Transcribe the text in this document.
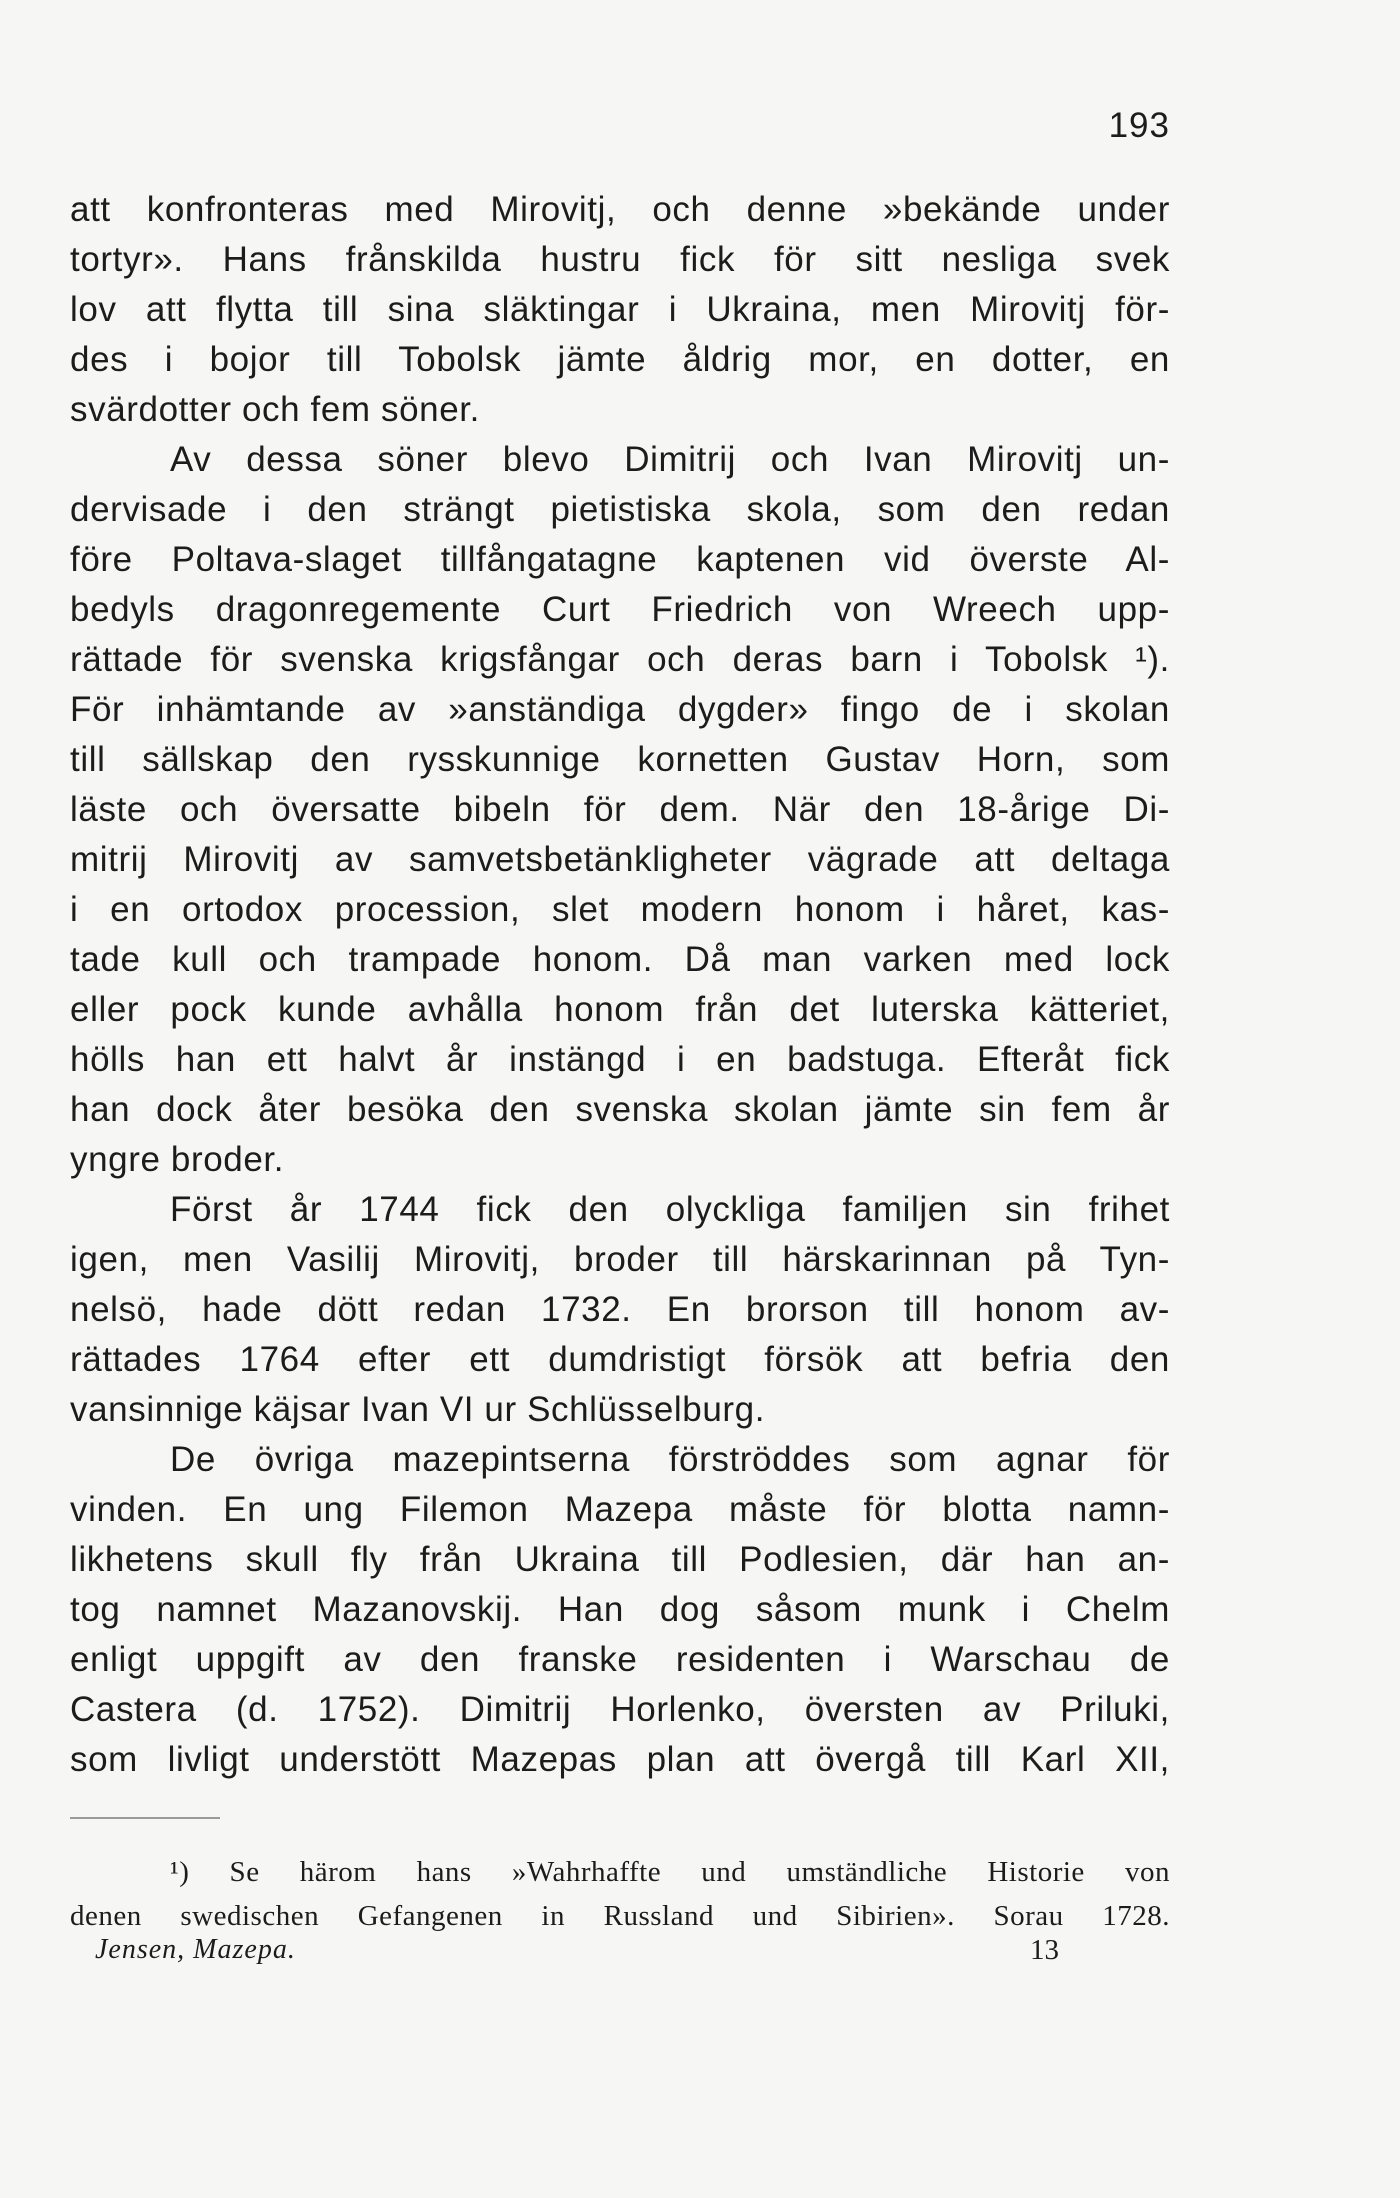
193
att konfronteras med Mirovitj, och denne »bekände under
tortyr». Hans frånskilda hustru fick för sitt nesliga svek
lov att flytta till sina släktingar i Ukraina, men Mirovitj för-
des i bojor till Tobolsk jämte åldrig mor, en dotter, en
svärdotter och fem söner.
Av dessa söner blevo Dimitrij och Ivan Mirovitj un-
dervisade i den strängt pietistiska skola, som den redan
före Poltava-slaget tillfångatagne kaptenen vid överste Al-
bedyls dragonregemente Curt Friedrich von Wreech upp-
rättade för svenska krigsfångar och deras barn i Tobolsk ¹).
För inhämtande av »anständiga dygder» fingo de i skolan
till sällskap den rysskunnige kornetten Gustav Horn, som
läste och översatte bibeln för dem. När den 18-årige Di-
mitrij Mirovitj av samvetsbetänkligheter vägrade att deltaga
i en ortodox procession, slet modern honom i håret, kas-
tade kull och trampade honom. Då man varken med lock
eller pock kunde avhålla honom från det luterska kätteriet,
hölls han ett halvt år instängd i en badstuga. Efteråt fick
han dock åter besöka den svenska skolan jämte sin fem år
yngre broder.
Först år 1744 fick den olyckliga familjen sin frihet
igen, men Vasilij Mirovitj, broder till härskarinnan på Tyn-
nelsö, hade dött redan 1732. En brorson till honom av-
rättades 1764 efter ett dumdristigt försök att befria den
vansinnige käjsar Ivan VI ur Schlüsselburg.
De övriga mazepintserna förströddes som agnar för
vinden. En ung Filemon Mazepa måste för blotta namn-
likhetens skull fly från Ukraina till Podlesien, där han an-
tog namnet Mazanovskij. Han dog såsom munk i Chelm
enligt uppgift av den franske residenten i Warschau de
Castera (d. 1752). Dimitrij Horlenko, översten av Priluki,
som livligt understött Mazepas plan att övergå till Karl XII,
¹) Se härom hans »Wahrhaffte und umständliche Historie von
denen swedischen Gefangenen in Russland und Sibirien». Sorau 1728.
Jensen, Mazepa.	13
